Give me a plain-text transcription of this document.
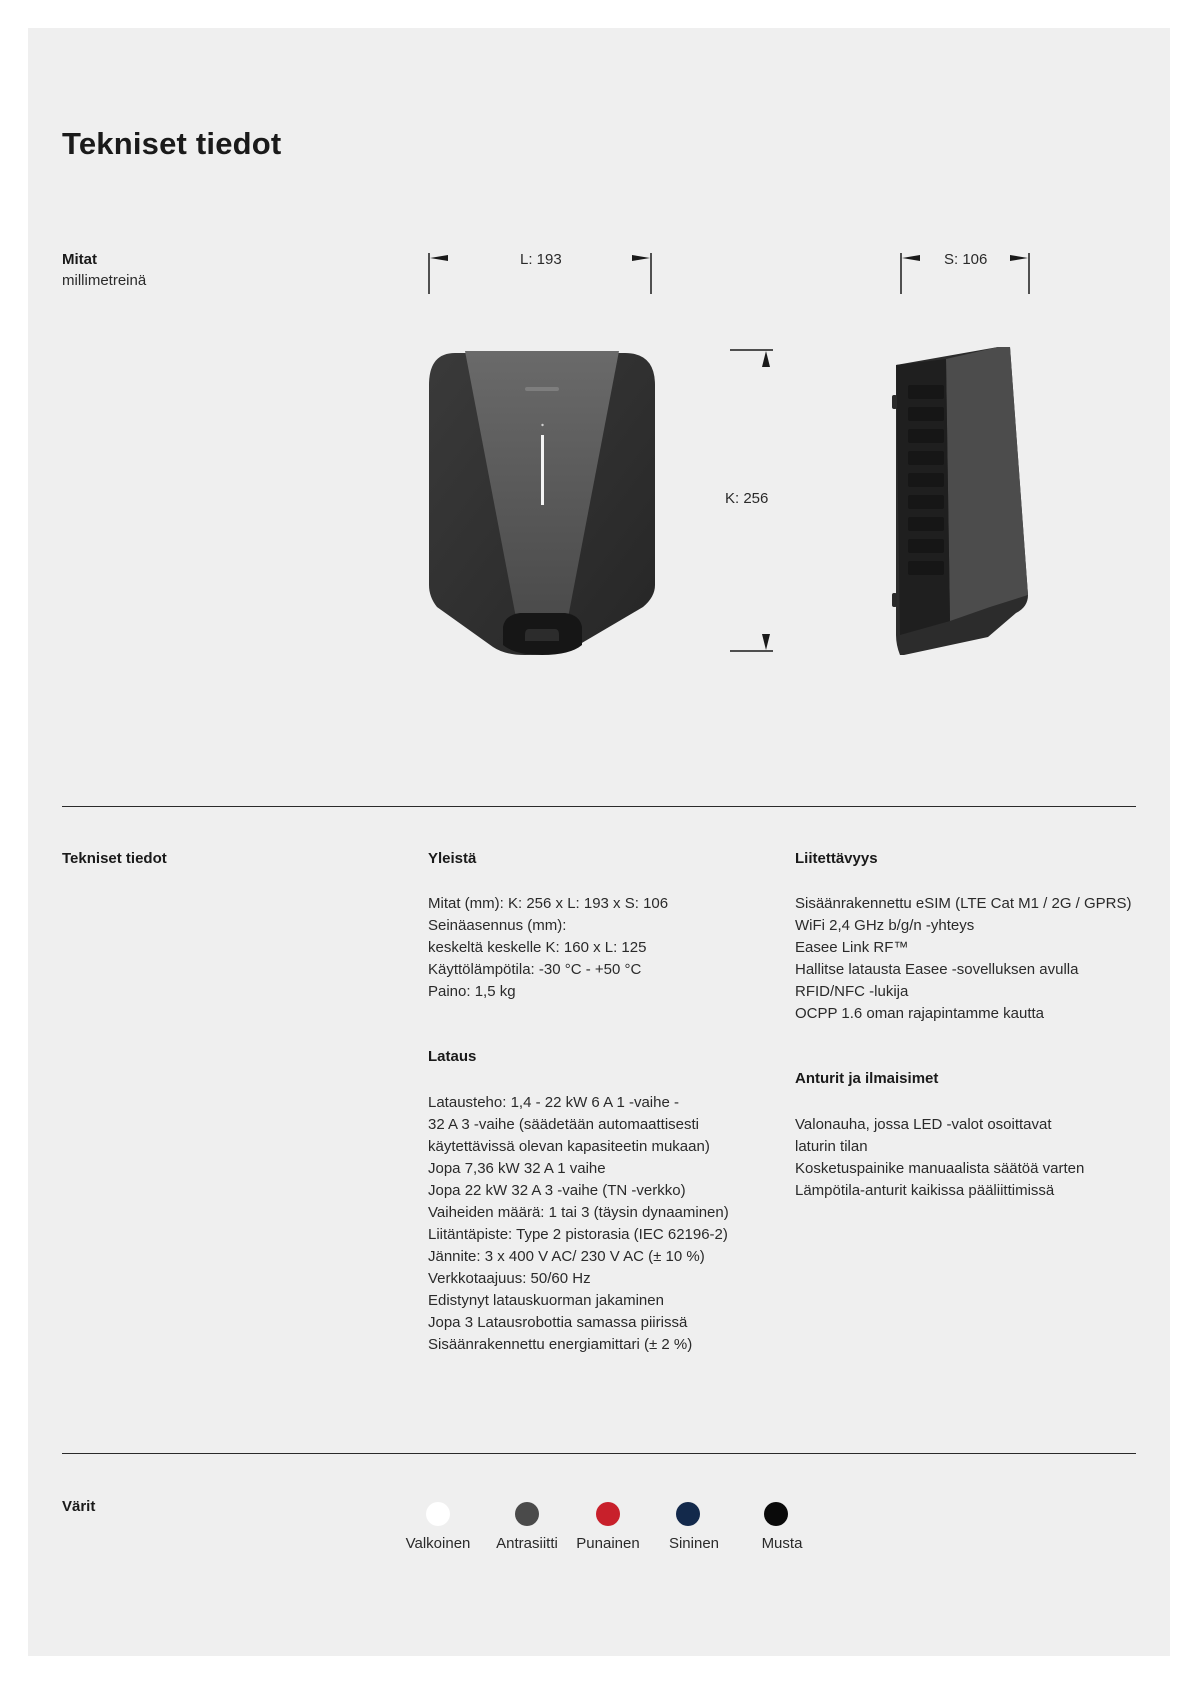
Tekniset tiedot
Mitat
millimetreinä
L: 193	S: 106
K: 256
Tekniset tiedot	Yleistä
Mitat (mm): K: 256 x L: 193 x S: 106
Seinäasennus (mm):
keskeltä keskelle K: 160 x L: 125
Käyttölämpötila: -30 °C - +50 °C
Paino: 1,5 kg
Lataus
Latausteho: 1,4 - 22 kW 6 A 1 -vaihe -
32 A 3 -vaihe (säädetään automaattisesti
käytettävissä olevan kapasiteetin mukaan)
Jopa 7,36 kW 32 A 1 vaihe
Jopa 22 kW 32 A 3 -vaihe (TN -verkko)
Vaiheiden määrä: 1 tai 3 (täysin dynaaminen)
Liitäntäpiste: Type 2 pistorasia (IEC 62196-2)
Jännite: 3 x 400 V AC/ 230 V AC (± 10 %)
Verkkotaajuus: 50/60 Hz
Edistynyt latauskuorman jakaminen
Jopa 3 Latausrobottia samassa piirissä
Sisäänrakennettu energiamittari (± 2 %)
Liitettävyys
Sisäänrakennettu eSIM (LTE Cat M1 / 2G / GPRS)
WiFi 2,4 GHz b/g/n -yhteys
Easee Link RF™
Hallitse latausta Easee -sovelluksen avulla
RFID/NFC -lukija
OCPP 1.6 oman rajapintamme kautta
Anturit ja ilmaisimet
Valonauha, jossa LED -valot osoittavat
laturin tilan
Kosketuspainike manuaalista säätöä varten
Lämpötila-anturit kaikissa pääliittimissä
Värit
Valkoinen	Antrasiitti	Punainen	Sininen	Musta
